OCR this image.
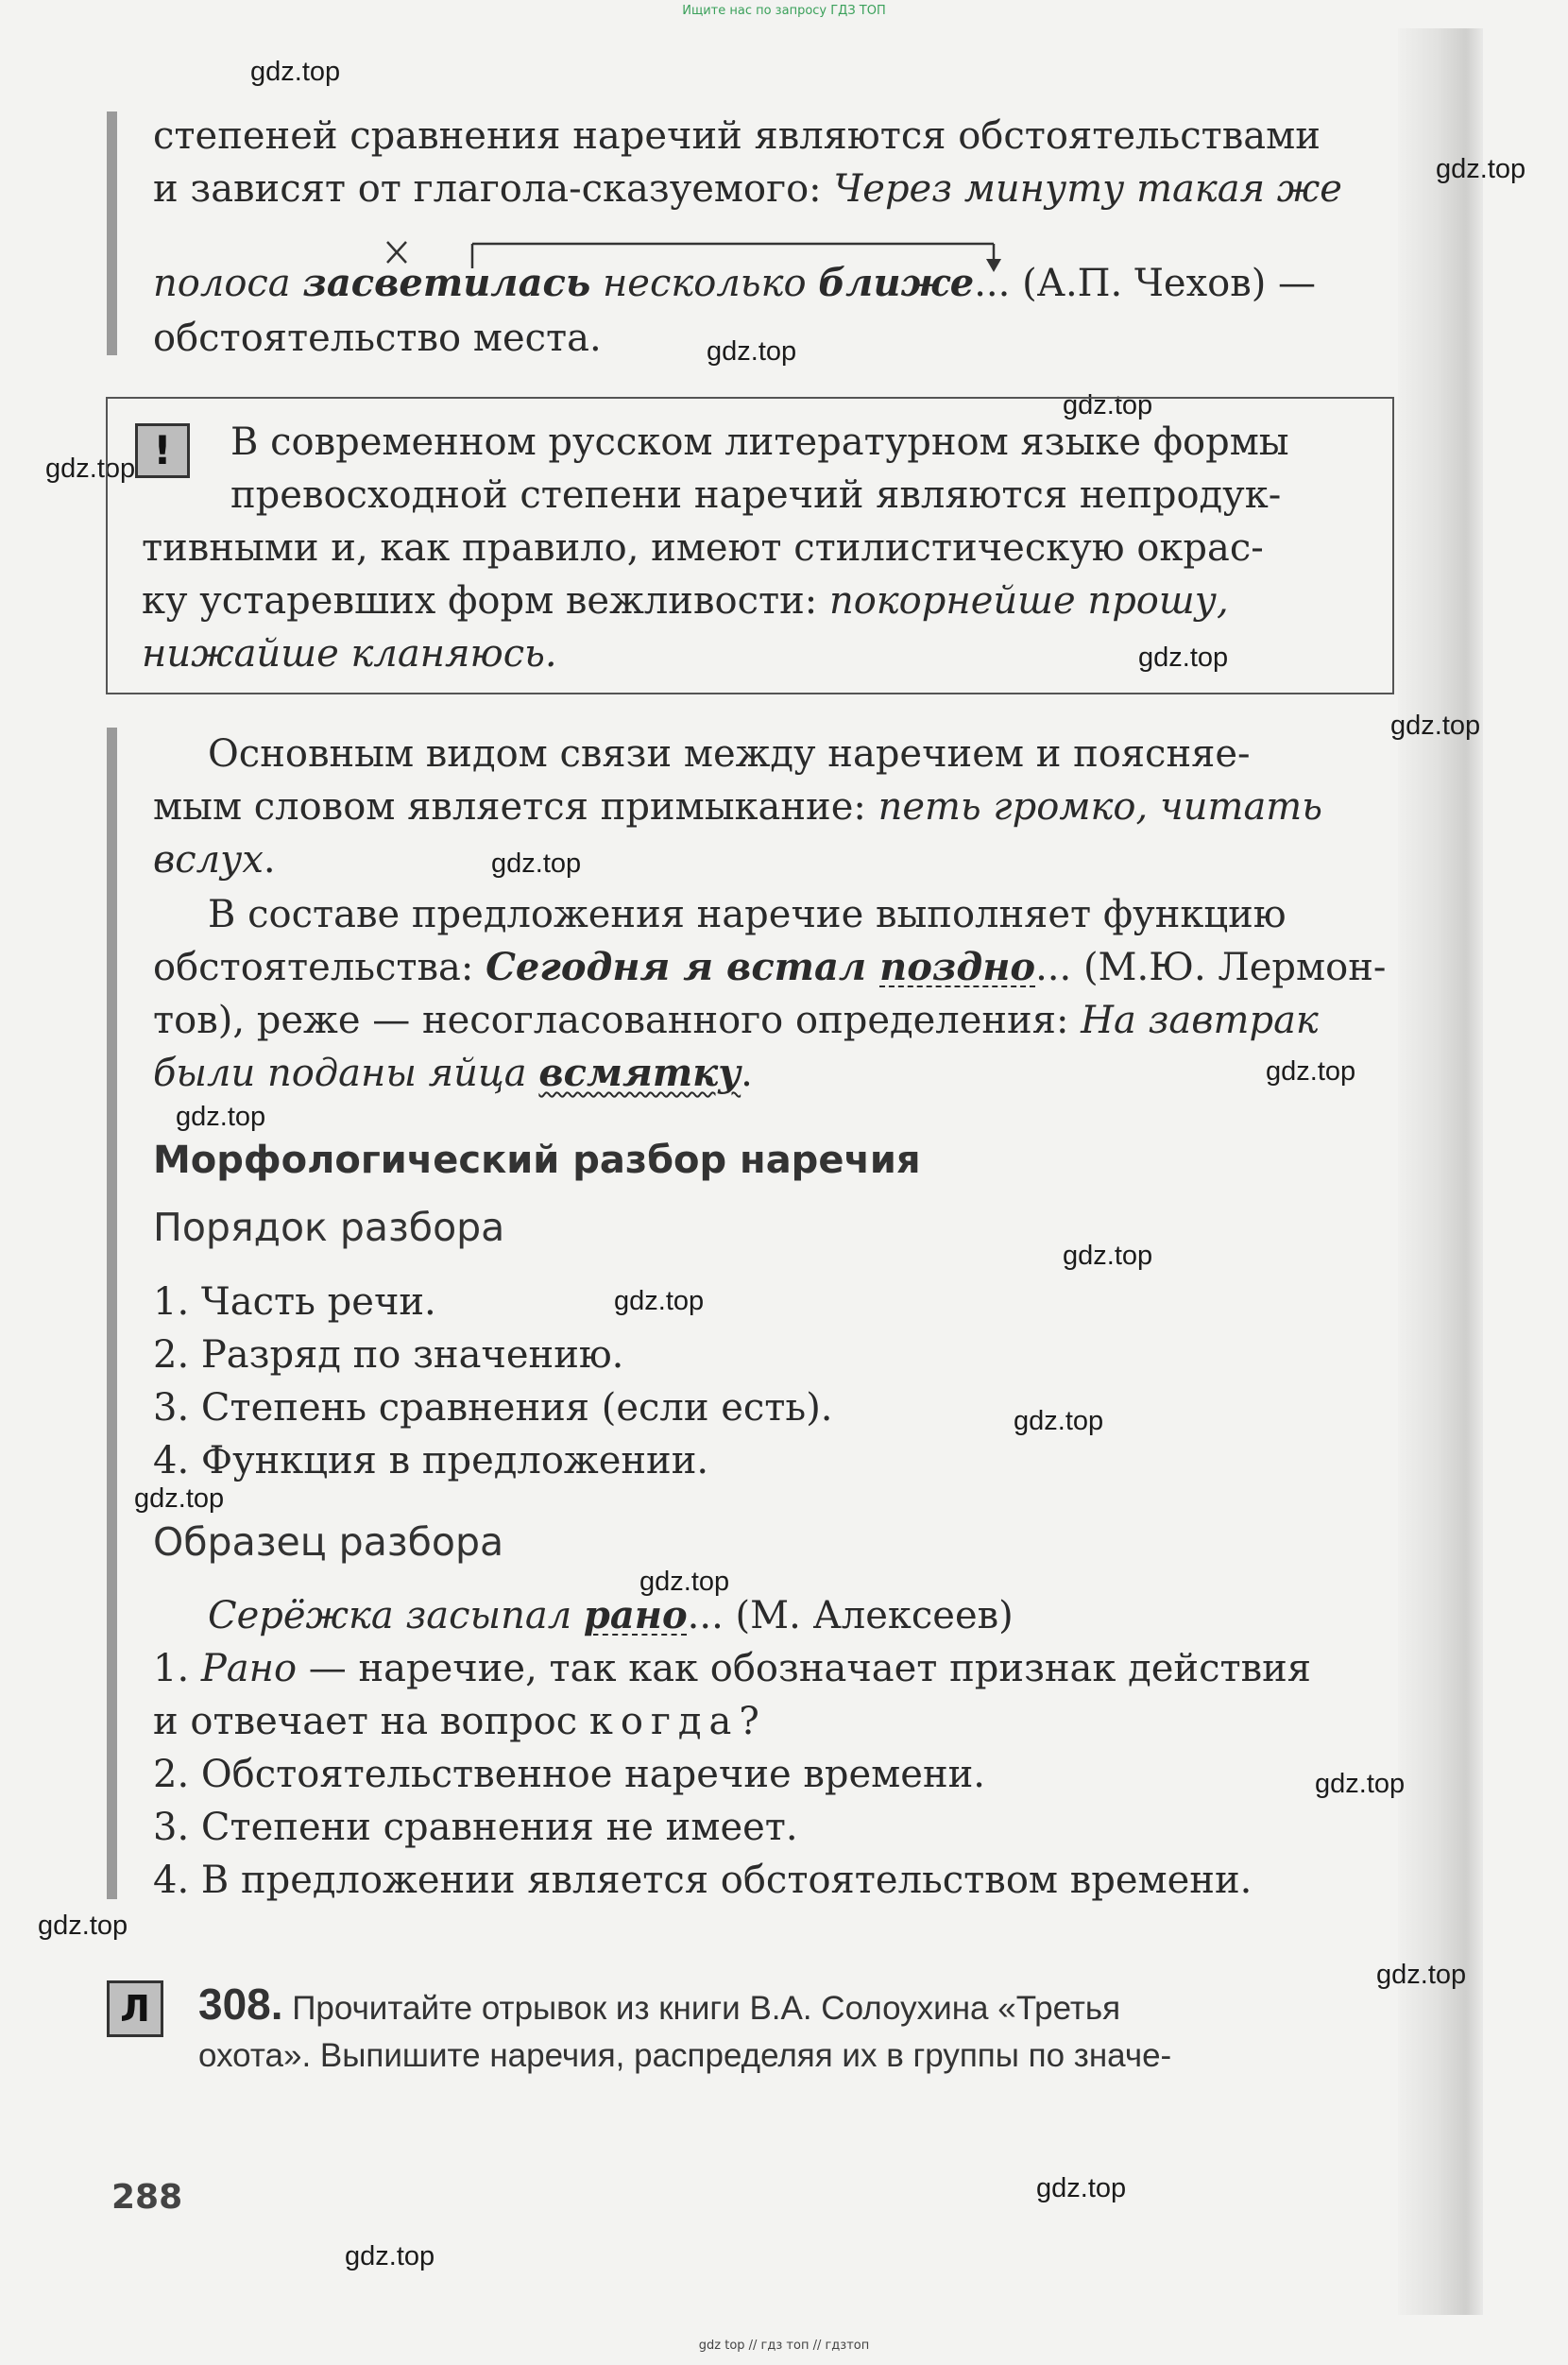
Ищите нас по запросу ГДЗ ТОП
gdz.top
gdz.top
gdz.top
gdz.top
gdz.top
gdz.top
gdz.top
gdz.top
gdz.top
gdz.top
gdz.top
gdz.top
gdz.top
gdz.top
gdz.top
gdz.top
gdz.top
gdz.top
gdz.top
gdz.top
степеней сравнения наречий являются обстоятельствами
и зависят от глагола-сказуемого: Через минуту такая же
полоса засветилась несколько ближе... (А.П. Чехов) —
обстоятельство места.
!	В современном русском литературном языке формы
превосходной степени наречий являются непродук-
тивными и, как правило, имеют стилистическую окрас-
ку устаревших форм вежливости: покорнейше прошу,
нижайше кланяюсь.
Основным видом связи между наречием и поясняе-
мым словом является примыкание: петь громко, читать
вслух.
В составе предложения наречие выполняет функцию
обстоятельства: Сегодня я встал поздно... (М.Ю. Лермон-
тов), реже — несогласованного определения: На завтрак
были поданы яйца всмятку.
Морфологический разбор наречия
Порядок разбора
1. Часть речи.
2. Разряд по значению.
3. Степень сравнения (если есть).
4. Функция в предложении.
Образец разбора
Серёжка засыпал рано... (М. Алексеев)
1. Рано — наречие, так как обозначает признак действия
и отвечает на вопрос когда?
2. Обстоятельственное наречие времени.
3. Степени сравнения не имеет.
4. В предложении является обстоятельством времени.
Л	308. Прочитайте отрывок из книги В.А. Солоухина «Третья
охота». Выпишите наречия, распределяя их в группы по значе-
288
gdz top // гдз топ // гдзтоп
